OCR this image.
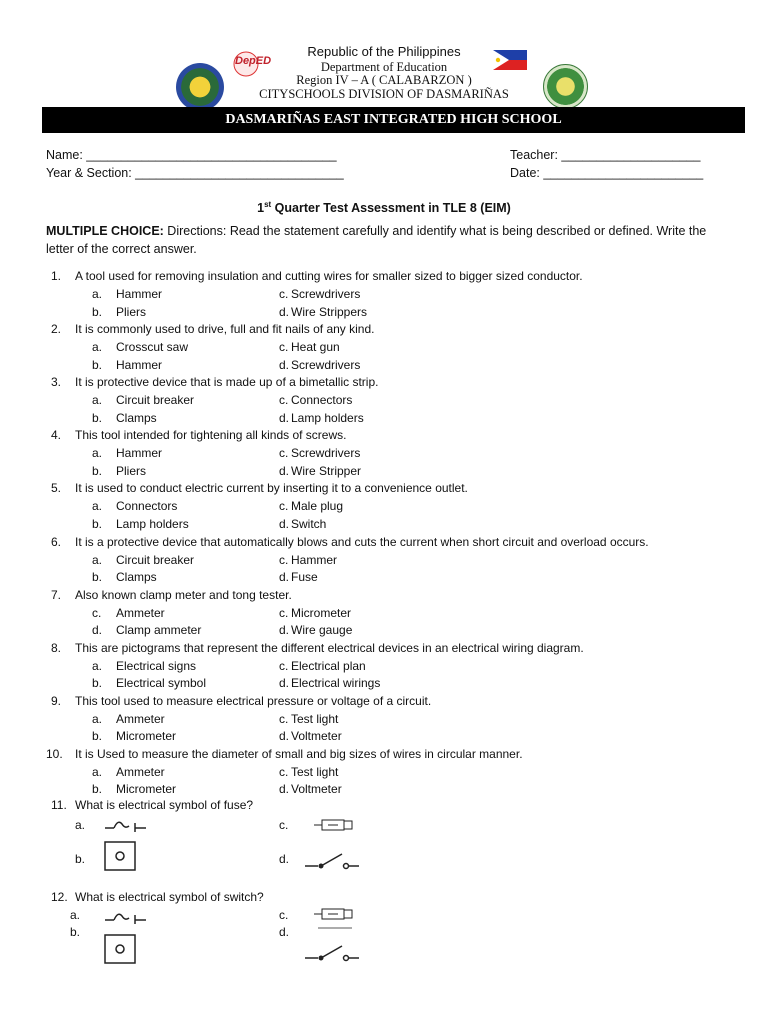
DepED
Republic of the Philippines
Department of Education
Region IV – A ( CALABARZON )
CITYSCHOOLS DIVISION OF DASMARIÑAS
DASMARIÑAS EAST INTEGRATED HIGH SCHOOL
Name: ____________________________________
Year & Section: ______________________________
Teacher: ____________________
Date: _______________________
1st Quarter Test Assessment in TLE 8 (EIM)
MULTIPLE CHOICE: Directions: Read the statement carefully and identify what is being described or defined. Write the letter of the correct answer.
1. A tool used for removing insulation and cutting wires for smaller sized to bigger sized conductor.
a. Hammer	c. Screwdrivers
b. Pliers	d. Wire Strippers
2. It is commonly used to drive, full and fit nails of any kind.
a. Crosscut saw	c. Heat gun
b. Hammer	d. Screwdrivers
3. It is protective device that is made up of a bimetallic strip.
a. Circuit breaker	c. Connectors
b. Clamps	d. Lamp holders
4. This tool intended for tightening all kinds of screws.
a. Hammer	c. Screwdrivers
b. Pliers	d. Wire Stripper
5. It is used to conduct electric current by inserting it to a convenience outlet.
a. Connectors	c. Male plug
b. Lamp holders	d. Switch
6. It is a protective device that automatically blows and cuts the current when short circuit and overload occurs.
a. Circuit breaker	c. Hammer
b. Clamps	d. Fuse
7. Also known clamp meter and tong tester.
c. Ammeter	c. Micrometer
d. Clamp ammeter	d. Wire gauge
8. This are pictograms that represent the different electrical devices in an electrical wiring diagram.
a. Electrical signs	c. Electrical plan
b. Electrical symbol	d. Electrical wirings
9. This tool used to measure electrical pressure or voltage of a circuit.
a. Ammeter	c. Test light
b. Micrometer	d. Voltmeter
10. It is Used to measure the diameter of small and big sizes of wires in circular manner.
a. Ammeter	c. Test light
b. Micrometer	d. Voltmeter
11. What is electrical symbol of fuse?
a.	c.
b.	d.
12. What is electrical symbol of switch?
a.	c.
b.	d.
